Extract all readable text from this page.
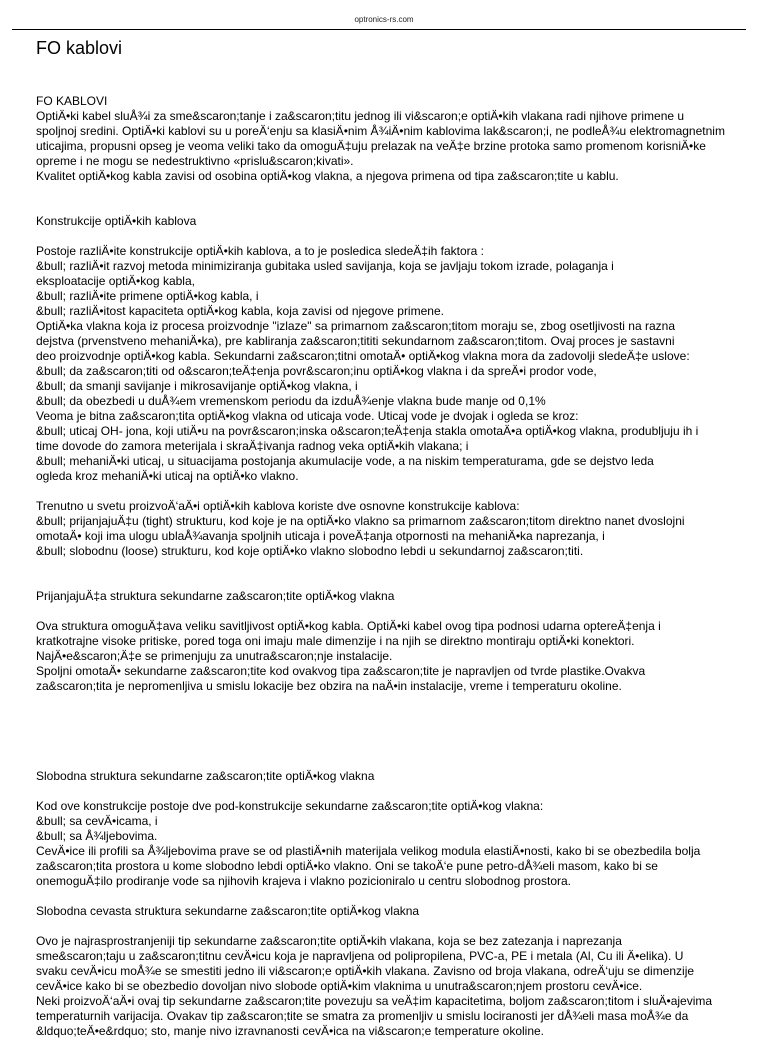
optronics-rs.com
FO kablovi

FO KABLOVI

OptiÄ•ki kabel sluÅ¾i za sme&scaron;tanje i za&scaron;titu jednog ili vi&scaron;e optiÄ•kih vlakana radi njihove primene u

spoljnoj sredini. OptiÄ•ki kablovi su u poreÄ‘enju sa klasiÄ•nim Å¾iÄ•nim kablovima lak&scaron;i, ne podleÅ¾u elektromagnetnim

uticajima, propusni opseg je veoma veliki tako da omoguÄ‡uju prelazak na veÄ‡e brzine protoka samo promenom korisniÄ•ke

opreme i ne mogu se nedestruktivno «prislu&scaron;kivati».

Kvalitet optiÄ•kog kabla zavisi od osobina optiÄ•kog vlakna, a njegova primena od tipa za&scaron;tite u kablu.

Konstrukcije optiÄ•kih kablova

Postoje razliÄ•ite konstrukcije optiÄ•kih kablova, a to je posledica sledeÄ‡ih faktora :

&bull; razliÄ•it razvoj metoda minimiziranja gubitaka usled savijanja, koja se javljaju tokom izrade, polaganja i

eksploatacije optiÄ•kog kabla,

&bull; razliÄ•ite primene optiÄ•kog kabla, i

&bull; razliÄ•itost kapaciteta optiÄ•kog kabla, koja zavisi od njegove primene.

OptiÄ•ka vlakna koja iz procesa proizvodnje "izlaze" sa primarnom za&scaron;titom moraju se, zbog osetljivosti na razna

dejstva (prvenstveno mehaniÄ•ka), pre kabliranja za&scaron;tititi sekundarnom za&scaron;titom. Ovaj proces je sastavni

deo proizvodnje optiÄ•kog kabla. Sekundarni za&scaron;titni omotaÄ• optiÄ•kog vlakna mora da zadovolji sledeÄ‡e uslove:

&bull; da za&scaron;titi od o&scaron;teÄ‡enja povr&scaron;inu optiÄ•kog vlakna i da spreÄ•i prodor vode,

&bull; da smanji savijanje i mikrosavijanje optiÄ•kog vlakna, i

&bull; da obezbedi u duÅ¾em vremenskom periodu da izduÅ¾enje vlakna bude manje od 0,1%

Veoma je bitna za&scaron;tita optiÄ•kog vlakna od uticaja vode. Uticaj vode je dvojak i ogleda se kroz:

&bull; uticaj OH- jona, koji utiÄ•u na povr&scaron;inska o&scaron;teÄ‡enja stakla omotaÄ•a optiÄ•kog vlakna, produbljuju ih i

time dovode do zamora meterijala i skraÄ‡ivanja radnog veka optiÄ•kih vlakana; i

&bull; mehaniÄ•ki uticaj, u situacijama postojanja akumulacije vode, a na niskim temperaturama, gde se dejstvo leda

ogleda kroz mehaniÄ•ki uticaj na optiÄ•ko vlakno.

Trenutno u svetu proizvoÄ‘aÄ•i optiÄ•kih kablova koriste dve osnovne konstrukcije kablova:

&bull; prijanjajuÄ‡u (tight) strukturu, kod koje je na optiÄ•ko vlakno sa primarnom za&scaron;titom direktno nanet dvoslojni

omotaÄ• koji ima ulogu ublaÅ¾avanja spoljnih uticaja i poveÄ‡anja otpornosti na mehaniÄ•ka naprezanja, i

&bull; slobodnu (loose) strukturu, kod koje optiÄ•ko vlakno slobodno lebdi u sekundarnoj za&scaron;titi.

PrijanjajuÄ‡a struktura sekundarne za&scaron;tite optiÄ•kog vlakna

Ova struktura omoguÄ‡ava veliku savitljivost optiÄ•kog kabla. OptiÄ•ki kabel ovog tipa podnosi udarna optereÄ‡enja i

kratkotrajne visoke pritiske, pored toga oni imaju male dimenzije i na njih se direktno montiraju optiÄ•ki konektori.

NajÄ•e&scaron;Ä‡e se primenjuju za unutra&scaron;nje instalacije.

Spoljni omotaÄ• sekundarne za&scaron;tite kod ovakvog tipa za&scaron;tite je napravljen od tvrde plastike.Ovakva

za&scaron;tita je nepromenljiva u smislu lokacije bez obzira na naÄ•in instalacije, vreme i temperaturu okoline.

Slobodna struktura sekundarne za&scaron;tite optiÄ•kog vlakna

Kod ove konstrukcije postoje dve pod-konstrukcije sekundarne za&scaron;tite optiÄ•kog vlakna:

&bull; sa cevÄ•icama, i

&bull; sa Å¾ljebovima.

CevÄ•ice ili profili sa Å¾ljebovima prave se od plastiÄ•nih materijala velikog modula elastiÄ•nosti, kako bi se obezbedila bolja

za&scaron;tita prostora u kome slobodno lebdi optiÄ•ko vlakno. Oni se takoÄ‘e pune petro-dÅ¾eli masom, kako bi se

onemoguÄ‡ilo prodiranje vode sa njihovih krajeva i vlakno pozicioniralo u centru slobodnog prostora.

Slobodna cevasta struktura sekundarne za&scaron;tite optiÄ•kog vlakna

Ovo je najrasprostranjeniji tip sekundarne za&scaron;tite optiÄ•kih vlakana, koja se bez zatezanja i naprezanja

sme&scaron;taju u za&scaron;titnu cevÄ•icu koja je napravljena od polipropilena, PVC-a, PE i metala (Al, Cu ili Ä•elika). U

svaku cevÄ•icu moÅ¾e se smestiti jedno ili vi&scaron;e optiÄ•kih vlakana. Zavisno od broja vlakana, odreÄ‘uju se dimenzije

cevÄ•ice kako bi se obezbedio dovoljan nivo slobode optiÄ•kim vlaknima u unutra&scaron;njem prostoru cevÄ•ice.

Neki proizvoÄ‘aÄ•i ovaj tip sekundarne za&scaron;tite povezuju sa veÄ‡im kapacitetima, boljom za&scaron;titom i sluÄ•ajevima

temperaturnih varijacija. Ovakav tip za&scaron;tite se smatra za promenljiv u smislu lociranosti jer dÅ¾eli masa moÅ¾e da

&ldquo;teÄ•e&rdquo; sto, manje nivo izravnanosti cevÄ•ica na vi&scaron;e temperature okoline.
